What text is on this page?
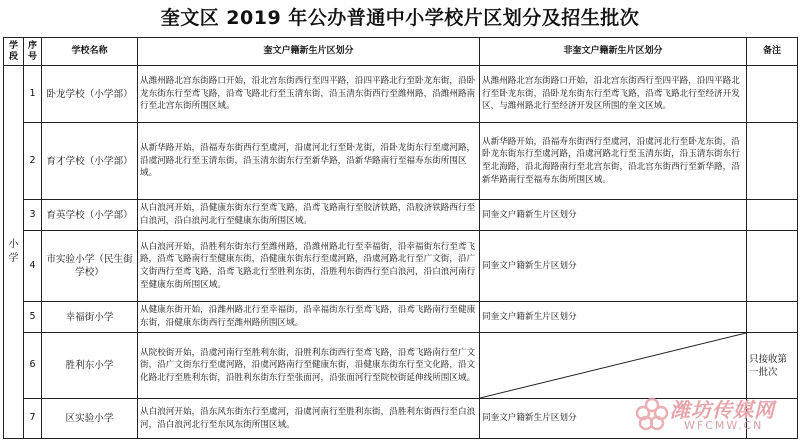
奎文区 2019 年公办普通中小学校片区划分及招生批次
学段	序号	学校名称	奎文户籍新生片区划分	非奎文户籍新生片区划分	备注
小学	1	卧龙学校（小学部）	从潍州路北宫东街路口开始，沿北宫东街西行至四平路，沿四平路北行至卧龙东街，沿卧龙东街东行至鸢飞路，沿鸢飞路北行至玉清东街，沿玉清东街西行至潍州路，沿潍州路南行至北宫东街所围区域。	从潍州路北宫东街路口开始，沿北宫东街西行至四平路，沿四平路北行至卧龙东街，沿卧龙东街东行至鸢飞路，沿鸢飞路北行至经济开发区，与潍州路北行至经济开发区所围的奎文区域。	
	2	育才学校（小学部）	从新华路开始，沿福寿东街西行至虞河，沿虞河北行至卧龙街，沿卧龙街东行至虞河路，沿虞河路北行至玉清东街，沿玉清东街东行至新华路，沿新华路南行至福寿东街所围区域。	从新华路开始，沿福寿东街西行至虞河，沿虞河北行至卧龙东街，沿卧龙东街东行至虞河路，沿虞河路北行至玉清东街，沿玉清东街东行至北海路，沿北海路南行至北宫东街，沿北宫东街西行至新华路，沿新华路南行至福寿东街所围区域。	
	3	育英学校（小学部）	从白浪河开始，沿健康东街东行至鸢飞路，沿鸢飞路南行至胶济铁路，沿胶济铁路西行至白浪河，沿白浪河北行至健康东街所围区域。	同奎文户籍新生片区划分	
	4	市实验小学（民生街学校）	从白浪河开始，沿胜利东街东行至潍州路，沿潍州路北行至幸福街，沿幸福街东行至鸢飞路，沿鸢飞路南行至健康东街，沿健康东街东行至虞河路，沿虞河路北行至广文街，沿广文街西行至鸢飞路，沿鸢飞路北行至胜利东街，沿胜利东街西行至白浪河，沿白浪河南行至健康东街所围区域。	同奎文户籍新生片区划分	
	5	幸福街小学	从健康东街开始，沿潍州路北行至幸福街，沿幸福街东行至鸢飞路，沿鸢飞路南行至健康东街，沿健康东街西行至潍州路所围区域。	同奎文户籍新生片区划分	
	6	胜利东小学	从院校街开始，沿虞河南行至胜利东街，沿胜利东街西行至鸢飞路，沿鸢飞路南行至广文街，沿广文街东行至虞河路，沿虞河路南行至健康东街，沿健康东街东行至文化路，沿文化路北行至胜利东街，沿胜利东街东行至张面河，沿张面河行至院校街延伸线所围区域。		只接收第一批次
	7	区实验小学	从白浪河开始，沿东风东街东行至虞河，沿虞河南行至胜利东街，沿胜利东街西行至白浪河，沿白浪河北行至东风东街所围区域。	同奎文户籍新生片区划分		潍坊传媒网
WFCMW.CN
